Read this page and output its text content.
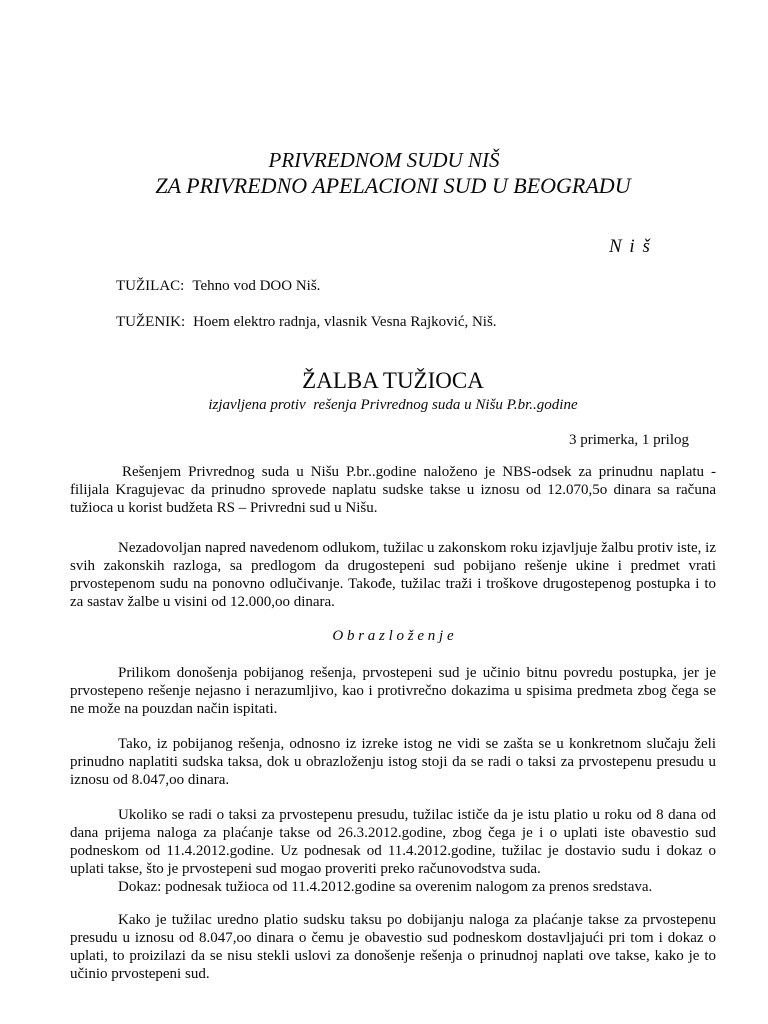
PRIVREDNOM SUDU NIŠ
ZA PRIVREDNO APELACIONI SUD U BEOGRADU
N i š
TUŽILAC: Tehno vod DOO Niš.
TUŽENIK: Hoem elektro radnja, vlasnik Vesna Rajković, Niš.
ŽALBA TUŽIOCA
izjavljena protiv  rešenja Privrednog suda u Nišu P.br..godine
3 primerka, 1 prilog
Rešenjem Privrednog suda u Nišu P.br..godine naloženo je NBS-odsek za prinudnu naplatu -
filijala Kragujevac da prinudno sprovede naplatu sudske takse u iznosu od 12.070,5o dinara sa računa
tužioca u korist budžeta RS – Privredni sud u Nišu.
Nezadovoljan napred navedenom odlukom, tužilac u zakonskom roku izjavljuje žalbu protiv iste, iz
svih zakonskih razloga, sa predlogom da drugostepeni sud pobijano rešenje ukine i predmet vrati
prvostepenom sudu na ponovno odlučivanje. Takođe, tužilac traži i troškove drugostepenog postupka i to
za sastav žalbe u visini od 12.000,oo dinara.
O b r a z l o ž e n j e
Prilikom donošenja pobijanog rešenja, prvostepeni sud je učinio bitnu povredu postupka, jer je
prvostepeno rešenje nejasno i nerazumljivo, kao i protivrečno dokazima u spisima predmeta zbog čega se
ne može na pouzdan način ispitati.
Tako, iz pobijanog rešenja, odnosno iz izreke istog ne vidi se zašta se u konkretnom slučaju želi
prinudno naplatiti sudska taksa, dok u obrazloženju istog stoji da se radi o taksi za prvostepenu presudu u
iznosu od 8.047,oo dinara.
Ukoliko se radi o taksi za prvostepenu presudu, tužilac ističe da je istu platio u roku od 8 dana od
dana prijema naloga za plaćanje takse od 26.3.2012.godine, zbog čega je i o uplati iste obavestio sud
podneskom od 11.4.2012.godine. Uz podnesak od 11.4.2012.godine, tužilac je dostavio sudu i dokaz o
uplati takse, što je prvostepeni sud mogao proveriti preko računovodstva suda.
Dokaz: podnesak tužioca od 11.4.2012.godine sa overenim nalogom za prenos sredstava.
Kako je tužilac uredno platio sudsku taksu po dobijanju naloga za plaćanje takse za prvostepenu
presudu u iznosu od 8.047,oo dinara o čemu je obavestio sud podneskom dostavljajući pri tom i dokaz o
uplati, to proizilazi da se nisu stekli uslovi za donošenje rešenja o prinudnoj naplati ove takse, kako je to
učinio prvostepeni sud.
